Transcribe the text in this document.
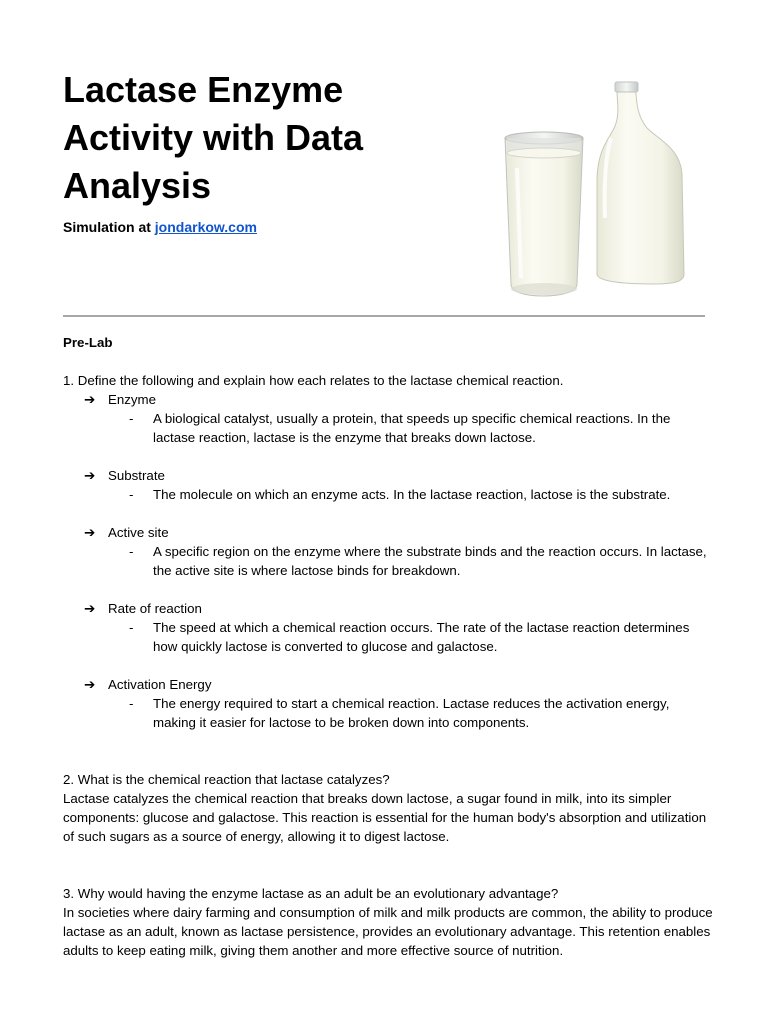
Lactase Enzyme Activity with Data Analysis
Simulation at jondarkow.com

Pre-Lab

1. Define the following and explain how each relates to the lactase chemical reaction.

➔ Enzyme
-	A biological catalyst, usually a protein, that speeds up specific chemical reactions. In the lactase reaction, lactase is the enzyme that breaks down lactose.
➔ Substrate
-	The molecule on which an enzyme acts. In the lactase reaction, lactose is the substrate.
➔ Active site
-	A specific region on the enzyme where the substrate binds and the reaction occurs. In lactase, the active site is where lactose binds for breakdown.
➔ Rate of reaction
-	The speed at which a chemical reaction occurs. The rate of the lactase reaction determines how quickly lactose is converted to glucose and galactose.
➔ Activation Energy
-	The energy required to start a chemical reaction. Lactase reduces the activation energy, making it easier for lactose to be broken down into components.

2. What is the chemical reaction that lactase catalyzes?

Lactase catalyzes the chemical reaction that breaks down lactose, a sugar found in milk, into its simpler components: glucose and galactose. This reaction is essential for the human body's absorption and utilization of such sugars as a source of energy, allowing it to digest lactose.

3. Why would having the enzyme lactase as an adult be an evolutionary advantage?

In societies where dairy farming and consumption of milk and milk products are common, the ability to produce lactase as an adult, known as lactase persistence, provides an evolutionary advantage. This retention enables adults to keep eating milk, giving them another and more effective source of nutrition.
